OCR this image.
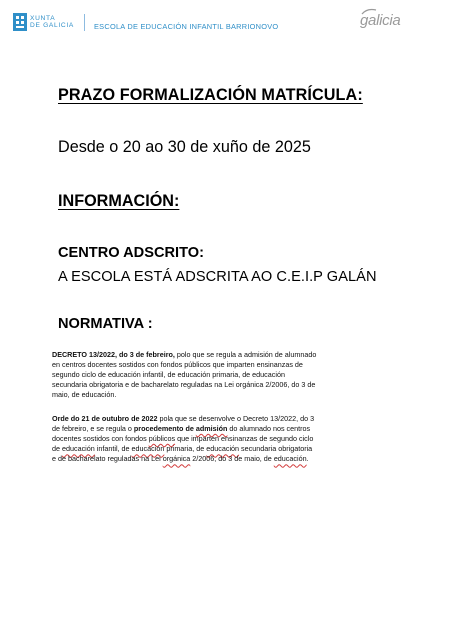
XUNTA
DE GALICIA	ESCOLA DE EDUCACIÓN INFANTIL BARRIONOVO	galicia
PRAZO FORMALIZACIÓN MATRÍCULA:
Desde o 20 ao 30 de xuño de 2025
INFORMACIÓN:
CENTRO ADSCRITO:
A ESCOLA ESTÁ ADSCRITA AO C.E.I.P GALÁN
NORMATIVA :
DECRETO 13/2022, do 3 de febreiro, polo que se regula a admisión de alumnado
en centros docentes sostidos con fondos públicos que imparten ensinanzas de
segundo ciclo de educación infantil, de educación primaria, de educación
secundaria obrigatoria e de bacharelato reguladas na Lei orgánica 2/2006, do 3 de
maio, de educación.
Orde do 21 de outubro de 2022 pola que se desenvolve o Decreto 13/2022, do 3
de febreiro, e se regula o procedemento de admisión do alumnado nos centros
docentes sostidos con fondos públicos que imparten ensinanzas de segundo ciclo
de educación infantil, de educación primaria, de educación secundaria obrigatoria
e de bacharelato reguladas na Lei orgánica 2/2006, do 3 de maio, de educación.
